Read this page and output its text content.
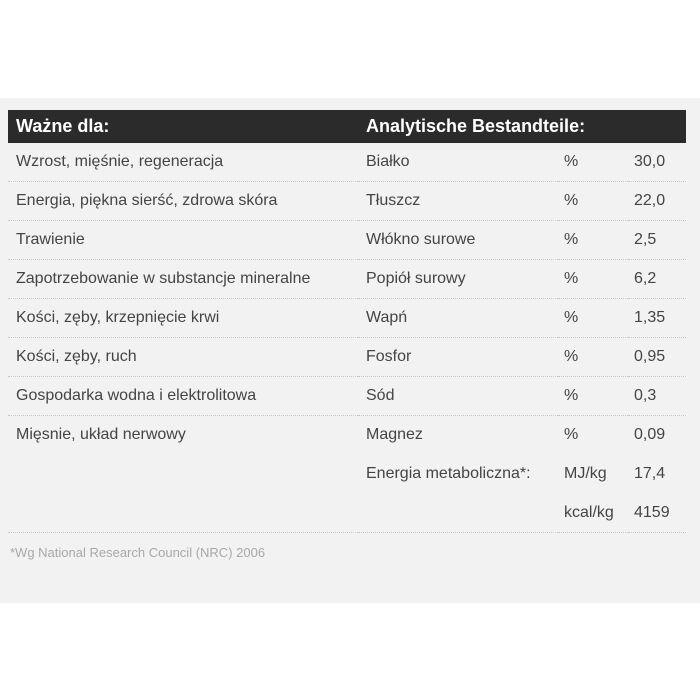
Ważne dla:	Analytische Bestandteile:		
Wzrost, mięśnie, regeneracja	Białko	%	30,0
Energia, piękna sierść, zdrowa skóra	Tłuszcz	%	22,0
Trawienie	Włókno surowe	%	2,5
Zapotrzebowanie w substancje mineralne	Popiół surowy	%	6,2
Kości, zęby, krzepnięcie krwi	Wapń	%	1,35
Kości, zęby, ruch	Fosfor	%	0,95
Gospodarka wodna i elektrolitowa	Sód	%	0,3
Mięsnie, układ nerwowy	Magnez	%	0,09
	Energia metaboliczna*:	MJ/kg	17,4
		kcal/kg	4159
*Wg National Research Council (NRC) 2006
